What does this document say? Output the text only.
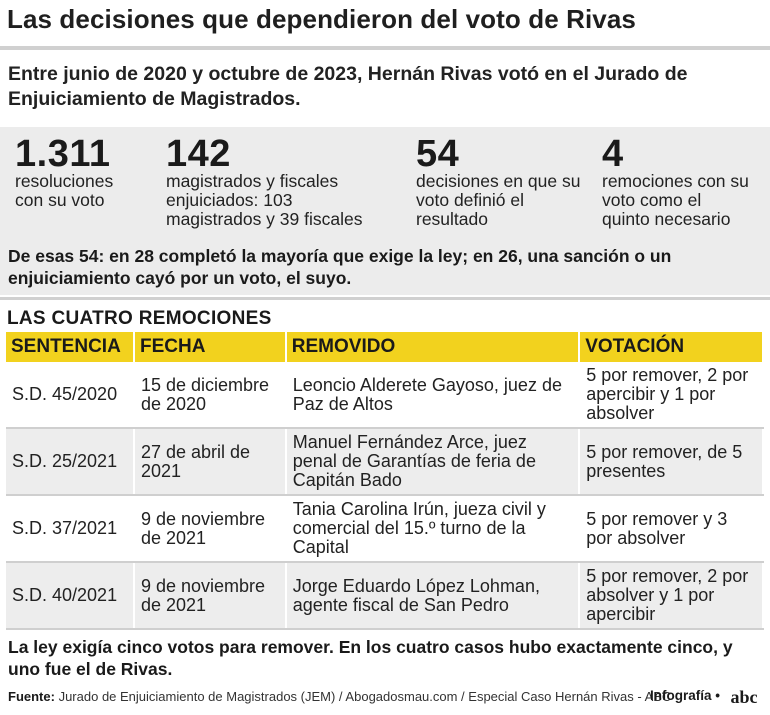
Las decisiones que dependieron del voto de Rivas
Entre junio de 2020 y octubre de 2023, Hernán Rivas votó en el Jurado de Enjuiciamiento de Magistrados.
1.311
resoluciones con su voto
142
magistrados y fiscales enjuiciados: 103 magistrados y 39 fiscales
54
decisiones en que su voto definió el resultado
4
remociones con su voto como el quinto necesario
De esas 54: en 28 completó la mayoría que exige la ley; en 26, una sanción o un enjuiciamiento cayó por un voto, el suyo.
LAS CUATRO REMOCIONES
SENTENCIA	FECHA	REMOVIDO	VOTACIÓN
S.D. 45/2020	15 de diciembre de 2020	Leoncio Alderete Gayoso, juez de Paz de Altos	5 por remover, 2 por apercibir y 1 por absolver
S.D. 25/2021	27 de abril de 2021	Manuel Fernández Arce, juez penal de Garantías de feria de Capitán Bado	5 por remover, de 5 presentes
S.D. 37/2021	9 de noviembre de 2021	Tania Carolina Irún, jueza civil y comercial del 15.º turno de la Capital	5 por remover y 3 por absolver
S.D. 40/2021	9 de noviembre de 2021	Jorge Eduardo López Lohman, agente fiscal de San Pedro	5 por remover, 2 por absolver y 1 por apercibir
La ley exigía cinco votos para remover. En los cuatro casos hubo exactamente cinco, y uno fue el de Rivas.
Fuente: Jurado de Enjuiciamiento de Magistrados (JEM) / Abogadosmau.com / Especial Caso Hernán Rivas - ABC
Infografía • abc
